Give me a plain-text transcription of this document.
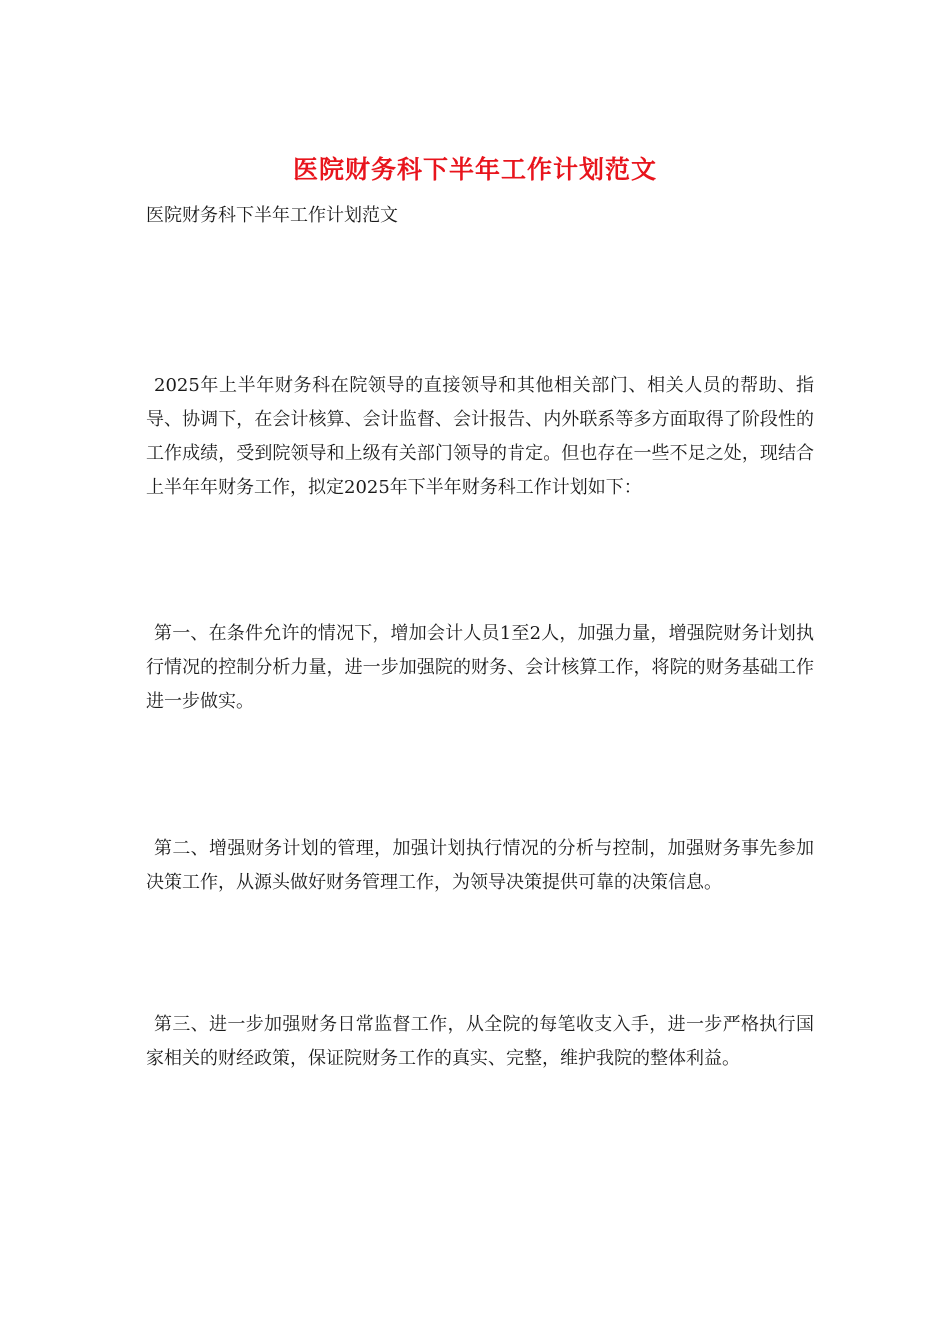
医院财务科下半年工作计划范文

医院财务科下半年工作计划范文

2025年上半年财务科在院领导的直接领导和其他相关部门、相关人员的帮助、指导、协调下，在会计核算、会计监督、会计报告、内外联系等多方面取得了阶段性的工作成绩，受到院领导和上级有关部门领导的肯定。但也存在一些不足之处，现结合上半年年财务工作，拟定2025年下半年财务科工作计划如下：

第一、在条件允许的情况下，增加会计人员1至2人，加强力量，增强院财务计划执行情况的控制分析力量，进一步加强院的财务、会计核算工作，将院的财务基础工作进一步做实。

第二、增强财务计划的管理，加强计划执行情况的分析与控制，加强财务事先参加决策工作，从源头做好财务管理工作，为领导决策提供可靠的决策信息。

第三、进一步加强财务日常监督工作，从全院的每笔收支入手，进一步严格执行国家相关的财经政策，保证院财务工作的真实、完整，维护我院的整体利益。
